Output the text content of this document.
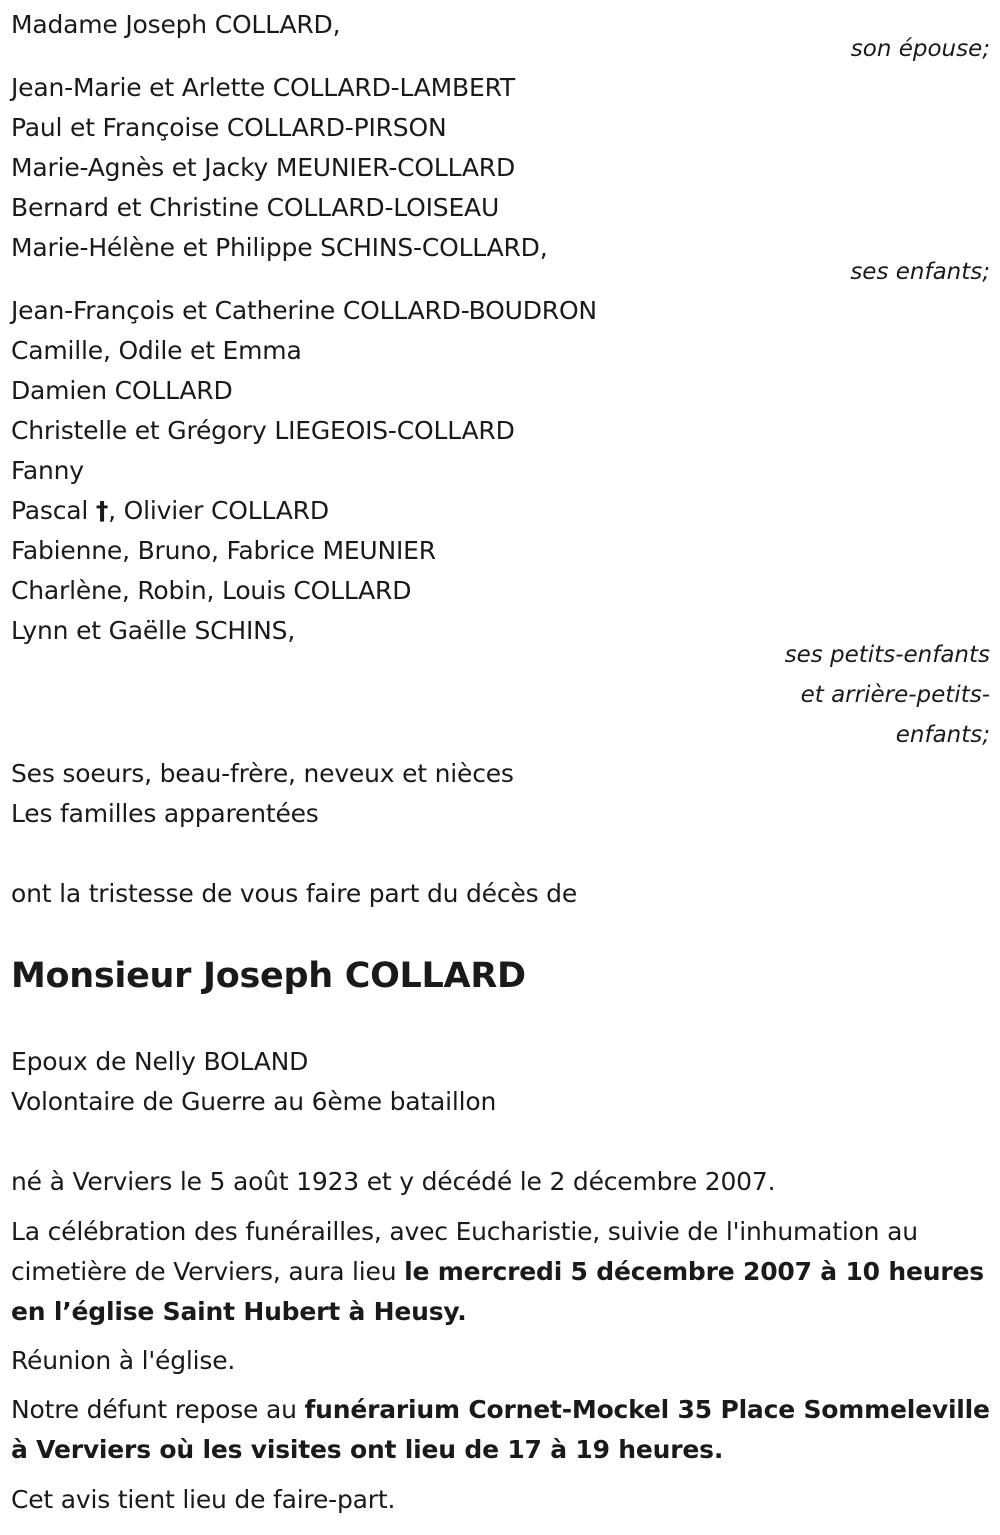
Madame Joseph COLLARD,
son épouse;
Jean-Marie et Arlette COLLARD-LAMBERT
Paul et Françoise COLLARD-PIRSON
Marie-Agnès et Jacky MEUNIER-COLLARD
Bernard et Christine COLLARD-LOISEAU
Marie-Hélène et Philippe SCHINS-COLLARD,
ses enfants;
Jean-François et Catherine COLLARD-BOUDRON
Camille, Odile et Emma
Damien COLLARD
Christelle et Grégory LIEGEOIS-COLLARD
Fanny
Pascal †, Olivier COLLARD
Fabienne, Bruno, Fabrice MEUNIER
Charlène, Robin, Louis COLLARD
Lynn et Gaëlle SCHINS,
ses petits-enfants
et arrière-petits-
enfants;
Ses soeurs, beau-frère, neveux et nièces
Les familles apparentées
ont la tristesse de vous faire part du décès de
Monsieur Joseph COLLARD
Epoux de Nelly BOLAND
Volontaire de Guerre au 6ème bataillon
né à Verviers le 5 août 1923 et y décédé le 2 décembre 2007.
La célébration des funérailles, avec Eucharistie, suivie de l'inhumation au cimetière de Verviers, aura lieu le mercredi 5 décembre 2007 à 10 heures en l’église Saint Hubert à Heusy.
Réunion à l'église.
Notre défunt repose au funérarium Cornet-Mockel 35 Place Sommeleville à Verviers où les visites ont lieu de 17 à 19 heures.
Cet avis tient lieu de faire-part.
